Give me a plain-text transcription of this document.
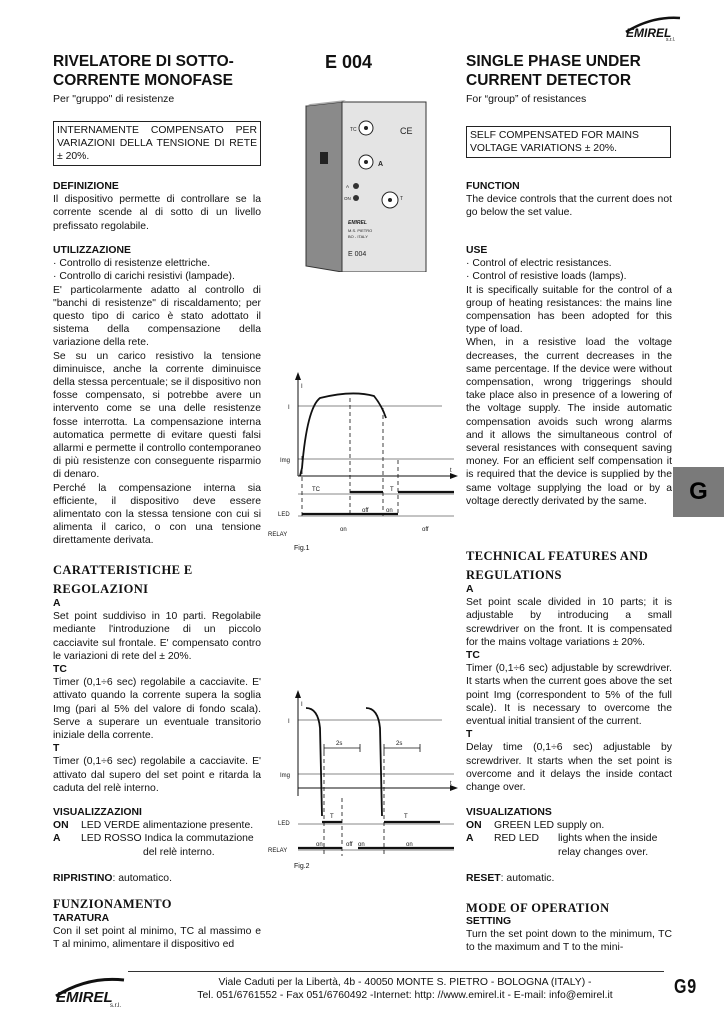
EMIREL
s.r.l.

RIVELATORE DI SOTTO-

CORRENTE MONOFASE

Per "gruppo" di resistenze
INTERNAMENTE COMPENSATO PER VARIAZIONI DELLA TENSIONE DI RETE ± 20%.

DEFINIZIONE

Il dispositivo permette di controllare se la corrente scende al di sotto di un livello prefissato regolabile.

UTILIZZAZIONE

· Controllo di resistenze elettriche.

· Controllo di carichi resistivi (lampade).

E' particolarmente adatto al controllo di "banchi di resistenze" di riscaldamento; per questo tipo di carico è stato adottato il sistema della compensazione della variazione della rete.

Se su un carico resistivo la tensione diminuisce, anche la corrente diminuisce della stessa percentuale; se il dispositivo non fosse compensato, si potrebbe avere un intervento come se una delle resistenze fosse interrotta. La compensazione interna automatica permette di evitare questi falsi allarmi e permette il controllo contemporaneo di più resistenze con conseguente risparmio di denaro.

Perché la compensazione interna sia efficiente, il dispositivo deve essere alimentato con la stessa tensione con cui si alimenta il carico, o con una tensione direttamente derivata.

CARATTERISTICHE E

REGOLAZIONI

A

Set point suddiviso in 10 parti. Regolabile mediante l'introduzione di un piccolo cacciavite sul frontale. E' compensato contro le variazioni di rete del ± 20%.

TC

Timer (0,1÷6 sec) regolabile a cacciavite. E' attivato quando la corrente supera la soglia Img (pari al 5% del valore di fondo scala). Serve a superare un eventuale transitorio iniziale della corrente.

T

Timer (0,1÷6 sec) regolabile a cacciavite. E' attivato dal supero del set point e ritarda la caduta del relè interno.

VISUALIZZAZIONI

ON LED VERDE alimentazione presente.

A LED ROSSO Indica la commutazione

del relè interno.

RIPRISTINO: automatico.
FUNZIONAMENTO

TARATURA

Con il set point al minimo, TC al massimo e T al minimo, alimentare il dispositivo ed

E 004
TC
A
T
A
ON
CE
EMIREL
M.S. PIETRO
BO - ITALY
E 004
I
I
Img
t
TC	T
LED
RELAY
off	on
on	off
Fig.1
I
I
Img
t
2s	2s
T	T
LED
RELAY
on	off on	on
Fig.2

SINGLE PHASE UNDER

CURRENT DETECTOR

For “group” of resistances
SELF COMPENSATED FOR MAINS VOLTAGE VARIATIONS ± 20%.

FUNCTION

The device controls that the current does not go below the set value.

USE

· Control of electric resistances.

· Control of resistive loads (lamps).

It is specifically suitable for the control of a group of heating resistances: the mains line compensation has been adopted for this type of load.

When, in a resistive load the voltage decreases, the current decreases in the same percentage. If the device were without compensation, wrong triggerings should take place also in presence of a lowering of the voltage supply. The inside automatic compensation avoids such wrong alarms and it allows the simultaneous control of several resistances with consequent saving money. For an efficient self compensation it is required that the device is supplied by the same voltage supplying the load or by a voltage derectly derivated by the same.

TECHNICAL FEATURES AND

REGULATIONS

A

Set point scale divided in 10 parts; it is adjustable by introducing a small screwdriver on the front. It is compensated for the mains voltage variations ± 20%.

TC

Timer (0,1÷6 sec) adjustable by screwdriver. It starts when the current goes above the set point Img (correspondent to 5% of the full scale). It is necessary to overcome the eventual initial transient of the current.

T

Delay time (0,1÷6 sec) adjustable by screwdriver. It starts when the set point is overcome and it delays the inside contact change over.

VISUALIZATIONS

ON GREEN LED supply on.

A RED LED lights when the inside

relay changes over.

RESET: automatic.
MODE OF OPERATION

SETTING

Turn the set point down to the minimum, TC to the maximum and T to the mini-

G
EMIREL
s.r.l.

Viale Caduti per la Libertà, 4b - 40050 MONTE S. PIETRO - BOLOGNA (ITALY) -

Tel. 051/6761552 - Fax 051/6760492 -Internet: http: //www.emirel.it - E-mail: info@emirel.it	G9
